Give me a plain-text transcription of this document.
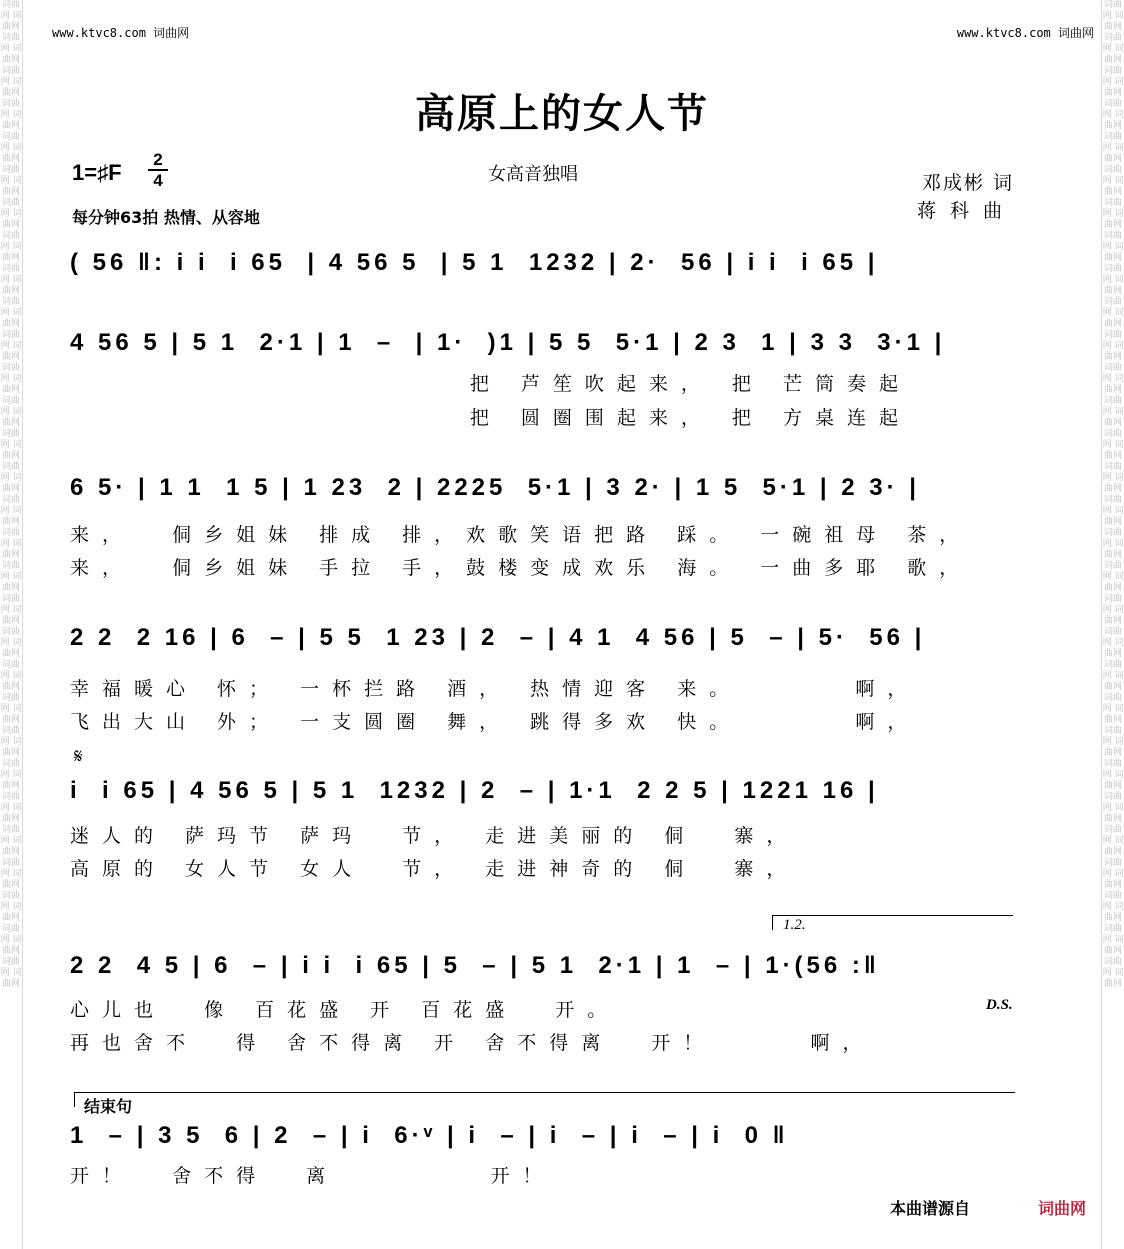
词曲网 词曲网 词曲网 词曲网 词曲网 词曲网 词曲网 词曲网 词曲网 词曲网 词曲网 词曲网 词曲网 词曲网 词曲网 词曲网 词曲网 词曲网 词曲网 词曲网 词曲网 词曲网 词曲网 词曲网 词曲网 词曲网 词曲网 词曲网 词曲网 词曲网 词曲网 词曲网 词曲网 词曲网 词曲网 词曲网 词曲网 词曲网 词曲网 词曲网 词曲网 词曲网 词曲网 词曲网 词曲网 词曲网 词曲网 词曲网 词曲网 词曲网 词曲网 词曲网 词曲网 词曲网 词曲网 词曲网 词曲网 词曲网 词曲网 词曲网
词曲网 词曲网 词曲网 词曲网 词曲网 词曲网 词曲网 词曲网 词曲网 词曲网 词曲网 词曲网 词曲网 词曲网 词曲网 词曲网 词曲网 词曲网 词曲网 词曲网 词曲网 词曲网 词曲网 词曲网 词曲网 词曲网 词曲网 词曲网 词曲网 词曲网 词曲网 词曲网 词曲网 词曲网 词曲网 词曲网 词曲网 词曲网 词曲网 词曲网 词曲网 词曲网 词曲网 词曲网 词曲网 词曲网 词曲网 词曲网 词曲网 词曲网 词曲网 词曲网 词曲网 词曲网 词曲网 词曲网 词曲网 词曲网 词曲网 词曲网
www.ktvc8.com 词曲网	www.ktvc8.com 词曲网
高原上的女人节
1=♯F
2
4	女高音独唱
每分钟63拍 热情、从容地
邓成彬 词
蒋科曲
( 56 ‖: i i  i 65  | 4 56 5  | 5 1  1232 | 2·  56 | i i  i 65 |
4 56 5 | 5 1  2·1 | 1  –  | 1·  )1 | 5 5  5·1 | 2 3  1 | 3 3  3·1 |
把 芦笙吹起来， 把 芒筒奏起
把 圆圈围起来， 把 方桌连起
6 5· | 1 1  1 5 | 1 23  2 | 2225  5·1 | 3 2· | 1 5  5·1 | 2 3· |
来，  侗乡姐妹 排成 排，欢歌笑语把路 踩。 一碗祖母 茶，
来，  侗乡姐妹 手拉 手，鼓楼变成欢乐 海。 一曲多耶 歌，
2 2  2 16 | 6  – | 5 5  1 23 | 2  – | 4 1  4 56 | 5  – | 5·  56 |
幸福暖心 怀； 一杯拦路 酒， 热情迎客 来。      啊，
飞出大山 外； 一支圆圈 舞， 跳得多欢 快。      啊，
𝄋
i  i 65 | 4 56 5 | 5 1  1232 | 2  – | 1·1  2 2 5 | 1221 16 |
迷人的 萨玛节 萨玛  节， 走进美丽的 侗  寨，
高原的 女人节 女人  节， 走进神奇的 侗  寨，
1.2.
2 2  4 5 | 6  – | i i  i 65 | 5  – | 5 1  2·1 | 1  – | 1·(56 :‖
心儿也  像 百花盛 开 百花盛  开。
再也舍不  得 舍不得离 开 舍不得离  开！     啊，
D.S.
结束句
1  – | 3 5  6 | 2  – | i  6·ᵛ | i  – | i  – | i  – | i  0 ‖
开！  舍不得  离        开！
本曲谱源自	词曲网
